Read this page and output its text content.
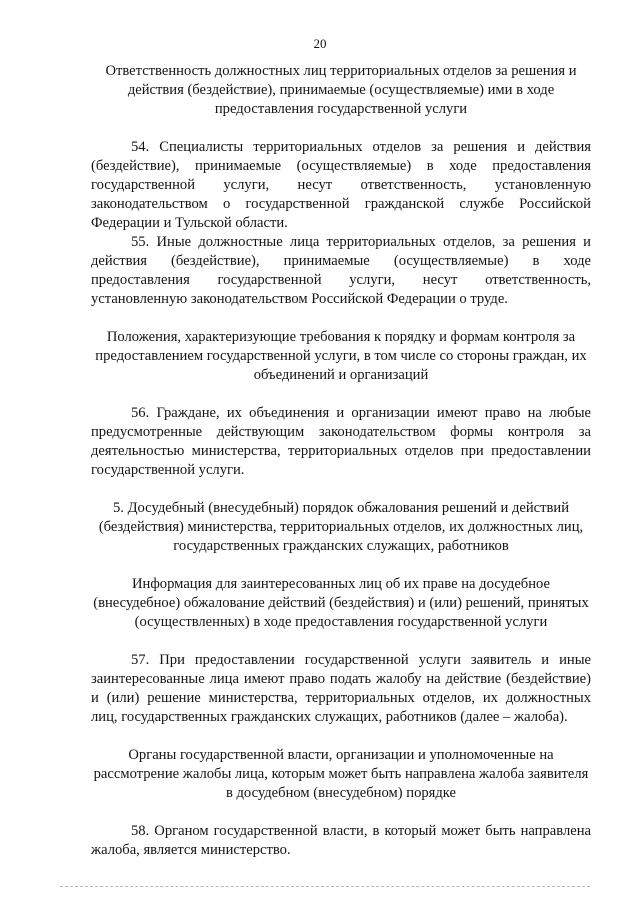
20

Ответственность должностных лиц территориальных отделов за решения и действия (бездействие), принимаемые (осуществляемые) ими в ходе предоставления государственной услуги

54. Специалисты территориальных отделов за решения и действия (бездействие), принимаемые (осуществляемые) в ходе предоставления государственной услуги, несут ответственность, установленную законодательством о государственной гражданской службе Российской Федерации и Тульской области.

55. Иные должностные лица территориальных отделов, за решения и действия (бездействие), принимаемые (осуществляемые) в ходе предоставления государственной услуги, несут ответственность, установленную законодательством Российской Федерации о труде.

Положения, характеризующие требования к порядку и формам контроля за предоставлением государственной услуги, в том числе со стороны граждан, их объединений и организаций

56. Граждане, их объединения и организации имеют право на любые предусмотренные действующим законодательством формы контроля за деятельностью министерства, территориальных отделов при предоставлении государственной услуги.

5. Досудебный (внесудебный) порядок обжалования решений и действий (бездействия) министерства, территориальных отделов, их должностных лиц, государственных гражданских служащих, работников

Информация для заинтересованных лиц об их праве на досудебное (внесудебное) обжалование действий (бездействия) и (или) решений, принятых (осуществленных) в ходе предоставления государственной услуги

57. При предоставлении государственной услуги заявитель и иные заинтересованные лица имеют право подать жалобу на действие (бездействие) и (или) решение министерства, территориальных отделов, их должностных лиц, государственных гражданских служащих, работников (далее – жалоба).

Органы государственной власти, организации и уполномоченные на рассмотрение жалобы лица, которым может быть направлена жалоба заявителя в досудебном (внесудебном) порядке

58. Органом государственной власти, в который может быть направлена жалоба, является министерство.
